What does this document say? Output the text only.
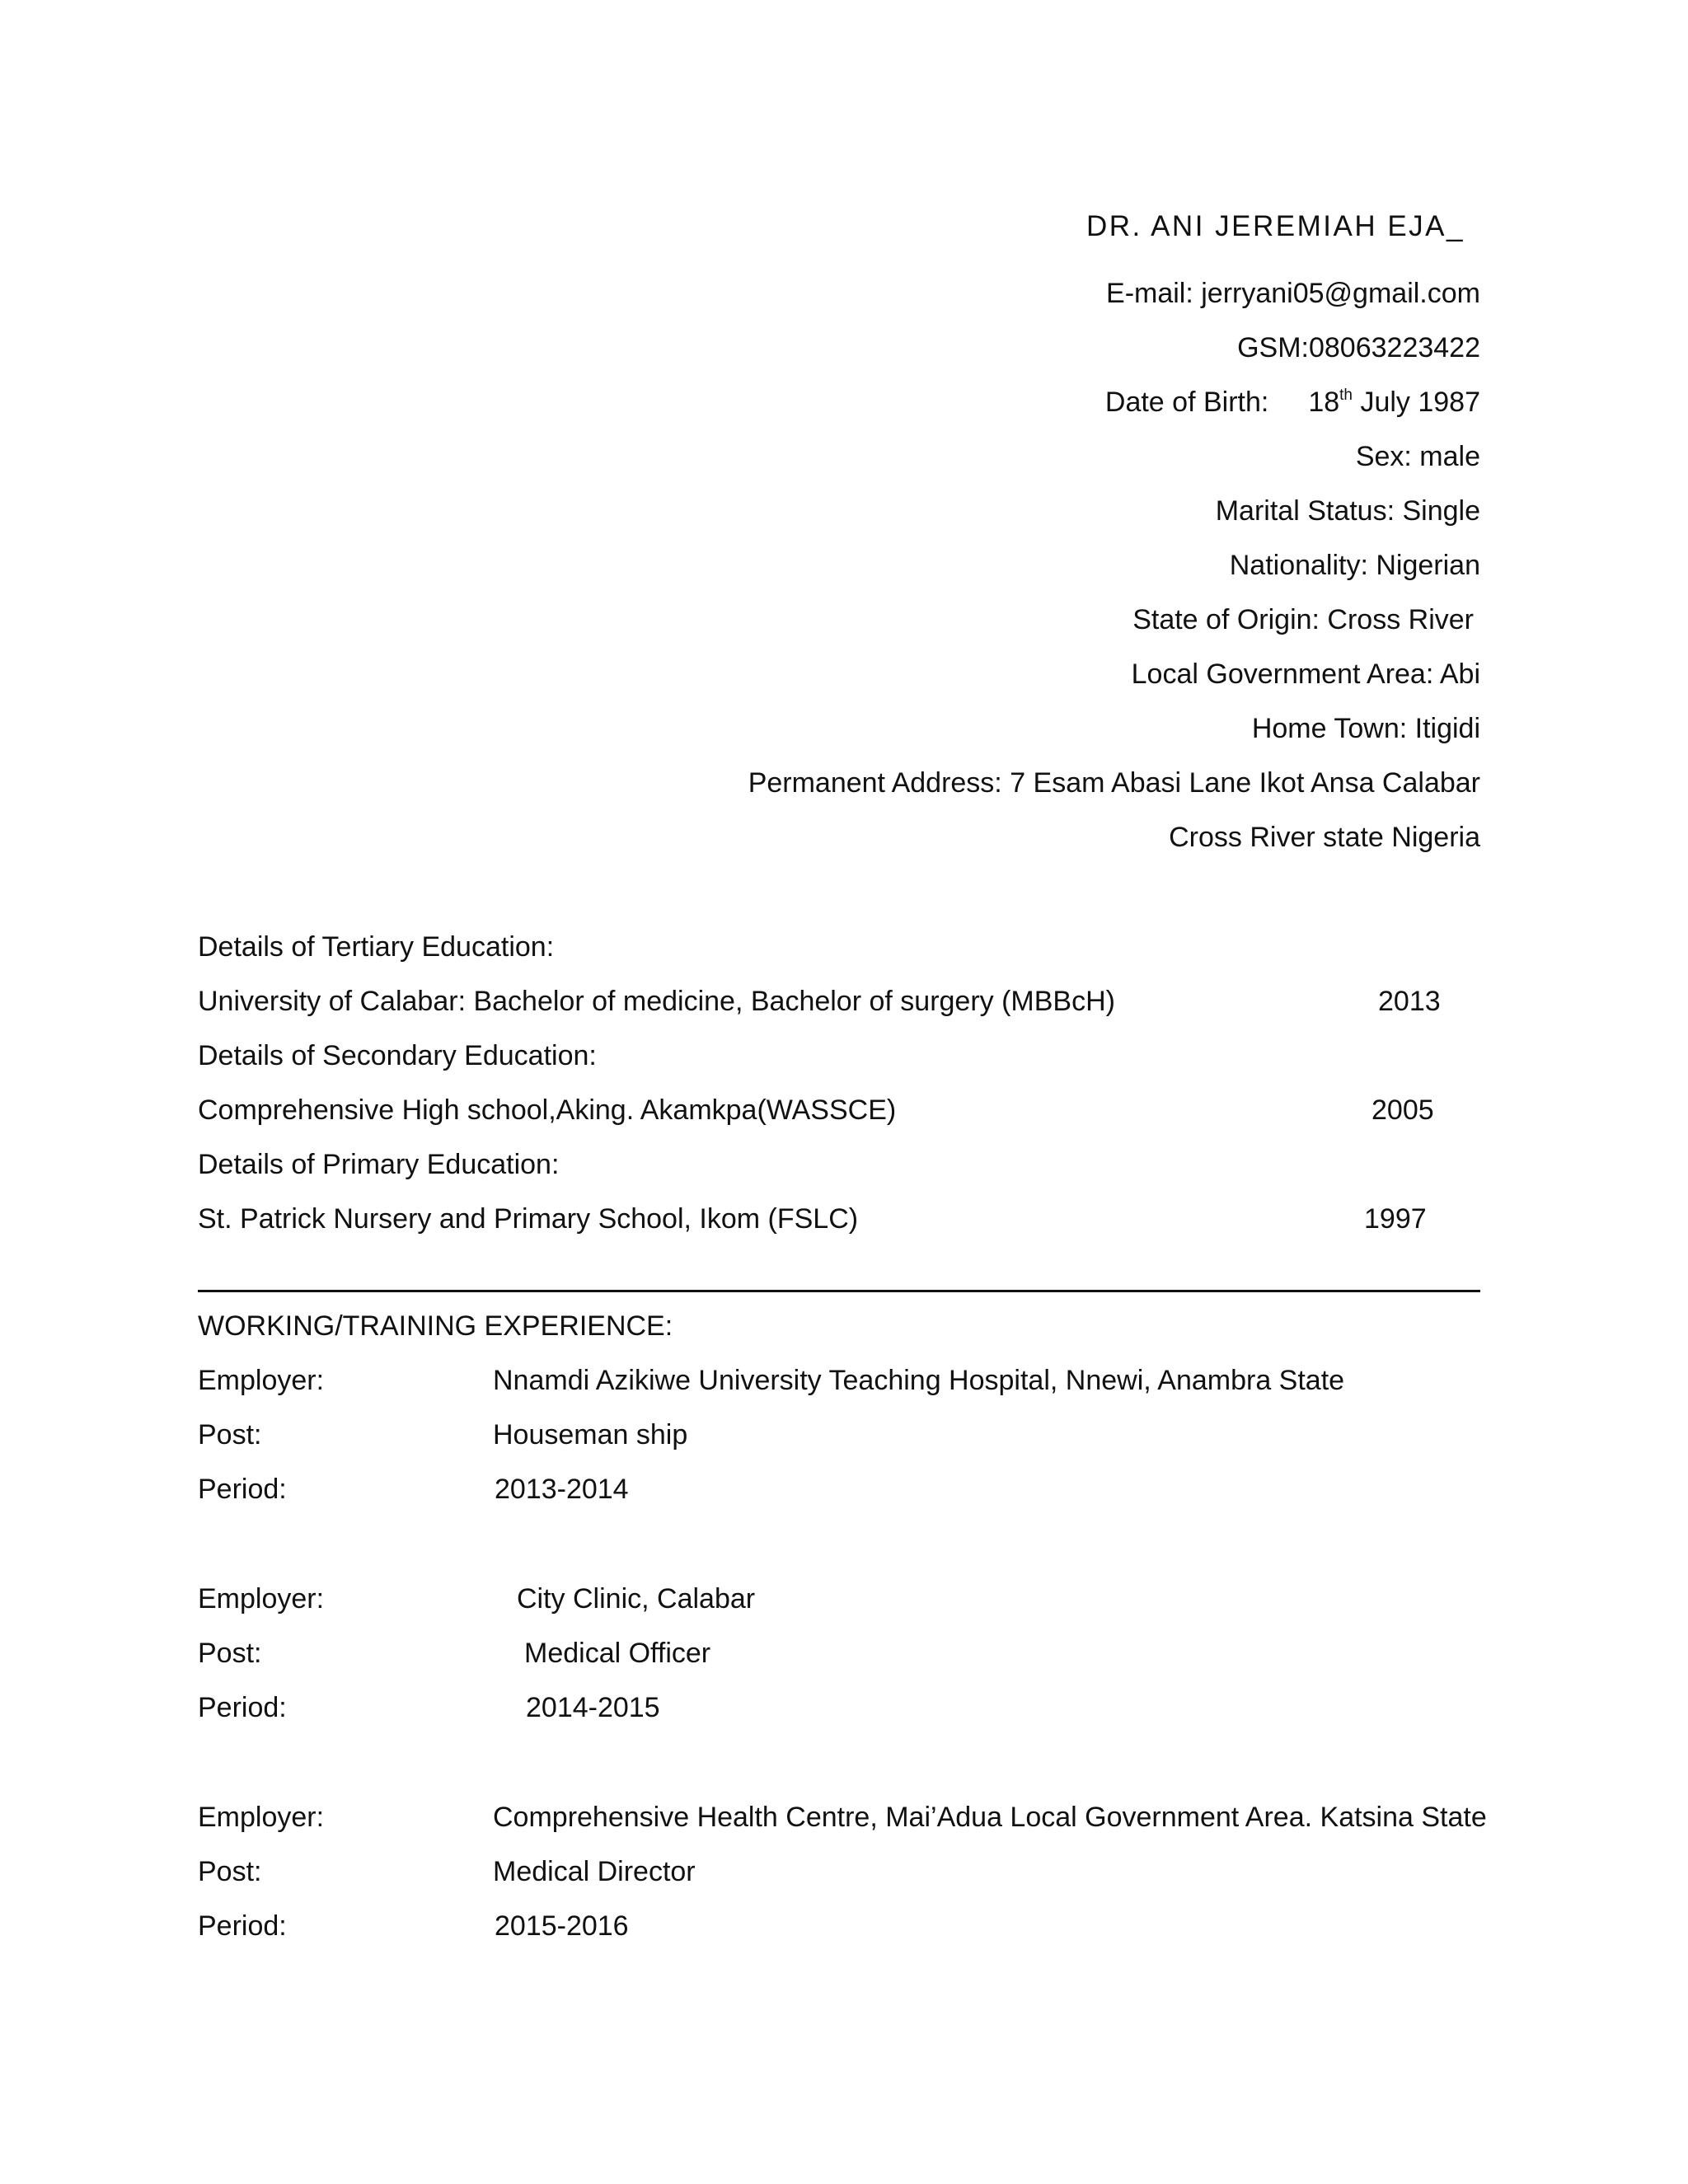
DR. ANI JEREMIAH EJA_
E-mail: jerryani05@gmail.com
GSM:08063223422
Date of Birth: 18th July 1987
Sex: male
Marital Status: Single
Nationality: Nigerian
State of Origin: Cross River
Local Government Area: Abi
Home Town: Itigidi
Permanent Address: 7 Esam Abasi Lane Ikot Ansa Calabar
Cross River state Nigeria
Details of Tertiary Education:
University of Calabar: Bachelor of medicine, Bachelor of surgery (MBBcH)	2013
Details of Secondary Education:
Comprehensive High school,Aking. Akamkpa(WASSCE)	2005
Details of Primary Education:
St. Patrick Nursery and Primary School, Ikom (FSLC)	1997
WORKING/TRAINING EXPERIENCE:
Employer:	Nnamdi Azikiwe University Teaching Hospital, Nnewi, Anambra State
Post:	Houseman ship
Period:	2013-2014
Employer:	City Clinic, Calabar
Post:	Medical Officer
Period:	2014-2015
Employer:	Comprehensive Health Centre, Mai’Adua Local Government Area. Katsina State
Post:	Medical Director
Period:	2015-2016
